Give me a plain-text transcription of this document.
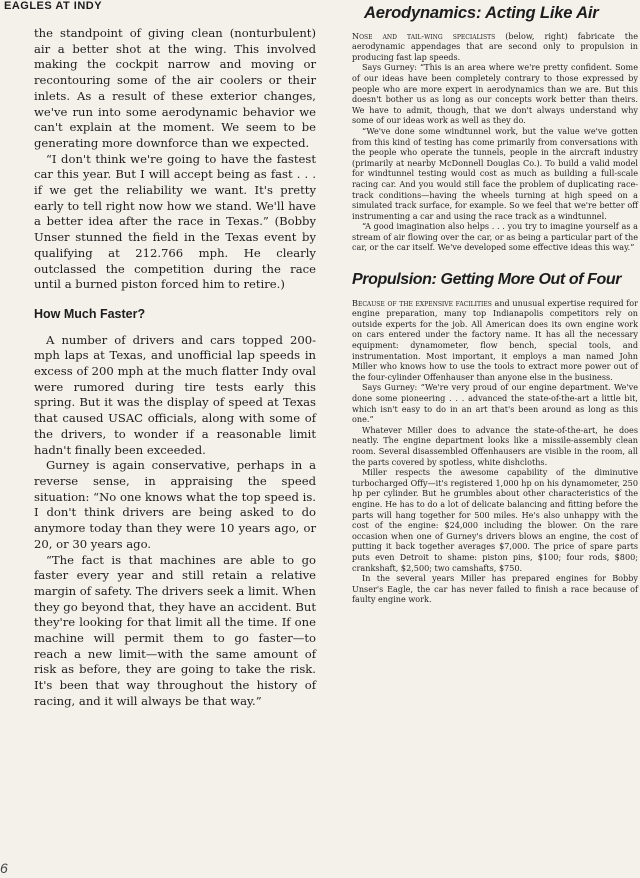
EAGLES AT INDY

the standpoint of giving clean (nonturbulent) air a better shot at the wing. This involved making the cockpit narrow and moving or recontouring some of the air coolers or their inlets. As a result of these exterior changes, we've run into some aerodynamic behavior we can't explain at the moment. We seem to be generating more downforce than we expected.

“I don't think we're going to have the fastest car this year. But I will accept being as fast . . . if we get the reliability we want. It's pretty early to tell right now how we stand. We'll have a better idea after the race in Texas.” (Bobby Unser stunned the field in the Texas event by qualifying at 212.766 mph. He clearly outclassed the competition during the race until a burned piston forced him to retire.)

How Much Faster?

A number of drivers and cars topped 200-mph laps at Texas, and unofficial lap speeds in excess of 200 mph at the much flatter Indy oval were rumored during tire tests early this spring. But it was the display of speed at Texas that caused USAC officials, along with some of the drivers, to wonder if a reasonable limit hadn't finally been exceeded.

Gurney is again conservative, perhaps in a reverse sense, in appraising the speed situation: “No one knows what the top speed is. I don't think drivers are being asked to do anymore today than they were 10 years ago, or 20, or 30 years ago.

“The fact is that machines are able to go faster every year and still retain a relative margin of safety. The drivers seek a limit. When they go beyond that, they have an accident. But they're looking for that limit all the time. If one machine will permit them to go faster—to reach a new limit—with the same amount of risk as before, they are going to take the risk. It's been that way throughout the history of racing, and it will always be that way.”

Aerodynamics: Acting Like Air

Nose and tail-wing specialists (below, right) fabricate the aerodynamic appendages that are second only to propulsion in producing fast lap speeds.

Says Gurney: “This is an area where we're pretty confident. Some of our ideas have been completely contrary to those expressed by people who are more expert in aerodynamics than we are. But this doesn't bother us as long as our concepts work better than theirs. We have to admit, though, that we don't always understand why some of our ideas work as well as they do.

“We've done some windtunnel work, but the value we've gotten from this kind of testing has come primarily from conversations with the people who operate the tunnels, people in the aircraft industry (primarily at nearby McDonnell Douglas Co.). To build a valid model for windtunnel testing would cost as much as building a full-scale racing car. And you would still face the problem of duplicating race-track conditions—having the wheels turning at high speed on a simulated track surface, for example. So we feel that we're better off instrumenting a car and using the race track as a windtunnel.

“A good imagination also helps . . . you try to imagine yourself as a stream of air flowing over the car, or as being a particular part of the car, or the car itself. We've developed some effective ideas this way.”

Propulsion: Getting More Out of Four

Because of the expensive facilities and unusual expertise required for engine preparation, many top Indianapolis competitors rely on outside experts for the job. All American does its own engine work on cars entered under the factory name. It has all the necessary equipment: dynamometer, flow bench, special tools, and instrumentation. Most important, it employs a man named John Miller who knows how to use the tools to extract more power out of the four-cylinder Offenhauser than anyone else in the business.

Says Gurney: “We're very proud of our engine department. We've done some pioneering . . . advanced the state-of-the-art a little bit, which isn't easy to do in an art that's been around as long as this one.”

Whatever Miller does to advance the state-of-the-art, he does neatly. The engine department looks like a missile-assembly clean room. Several disassembled Offenhausers are visible in the room, all the parts covered by spotless, white dishcloths.

Miller respects the awesome capability of the diminutive turbocharged Offy—it's registered 1,000 hp on his dynamometer, 250 hp per cylinder. But he grumbles about other characteristics of the engine. He has to do a lot of delicate balancing and fitting before the parts will hang together for 500 miles. He's also unhappy with the cost of the engine: $24,000 including the blower. On the rare occasion when one of Gurney's drivers blows an engine, the cost of putting it back together averages $7,000. The price of spare parts puts even Detroit to shame: piston pins, $100; four rods, $800; crankshaft, $2,500; two camshafts, $750.

In the several years Miller has prepared engines for Bobby Unser's Eagle, the car has never failed to finish a race because of faulty engine work.

6
